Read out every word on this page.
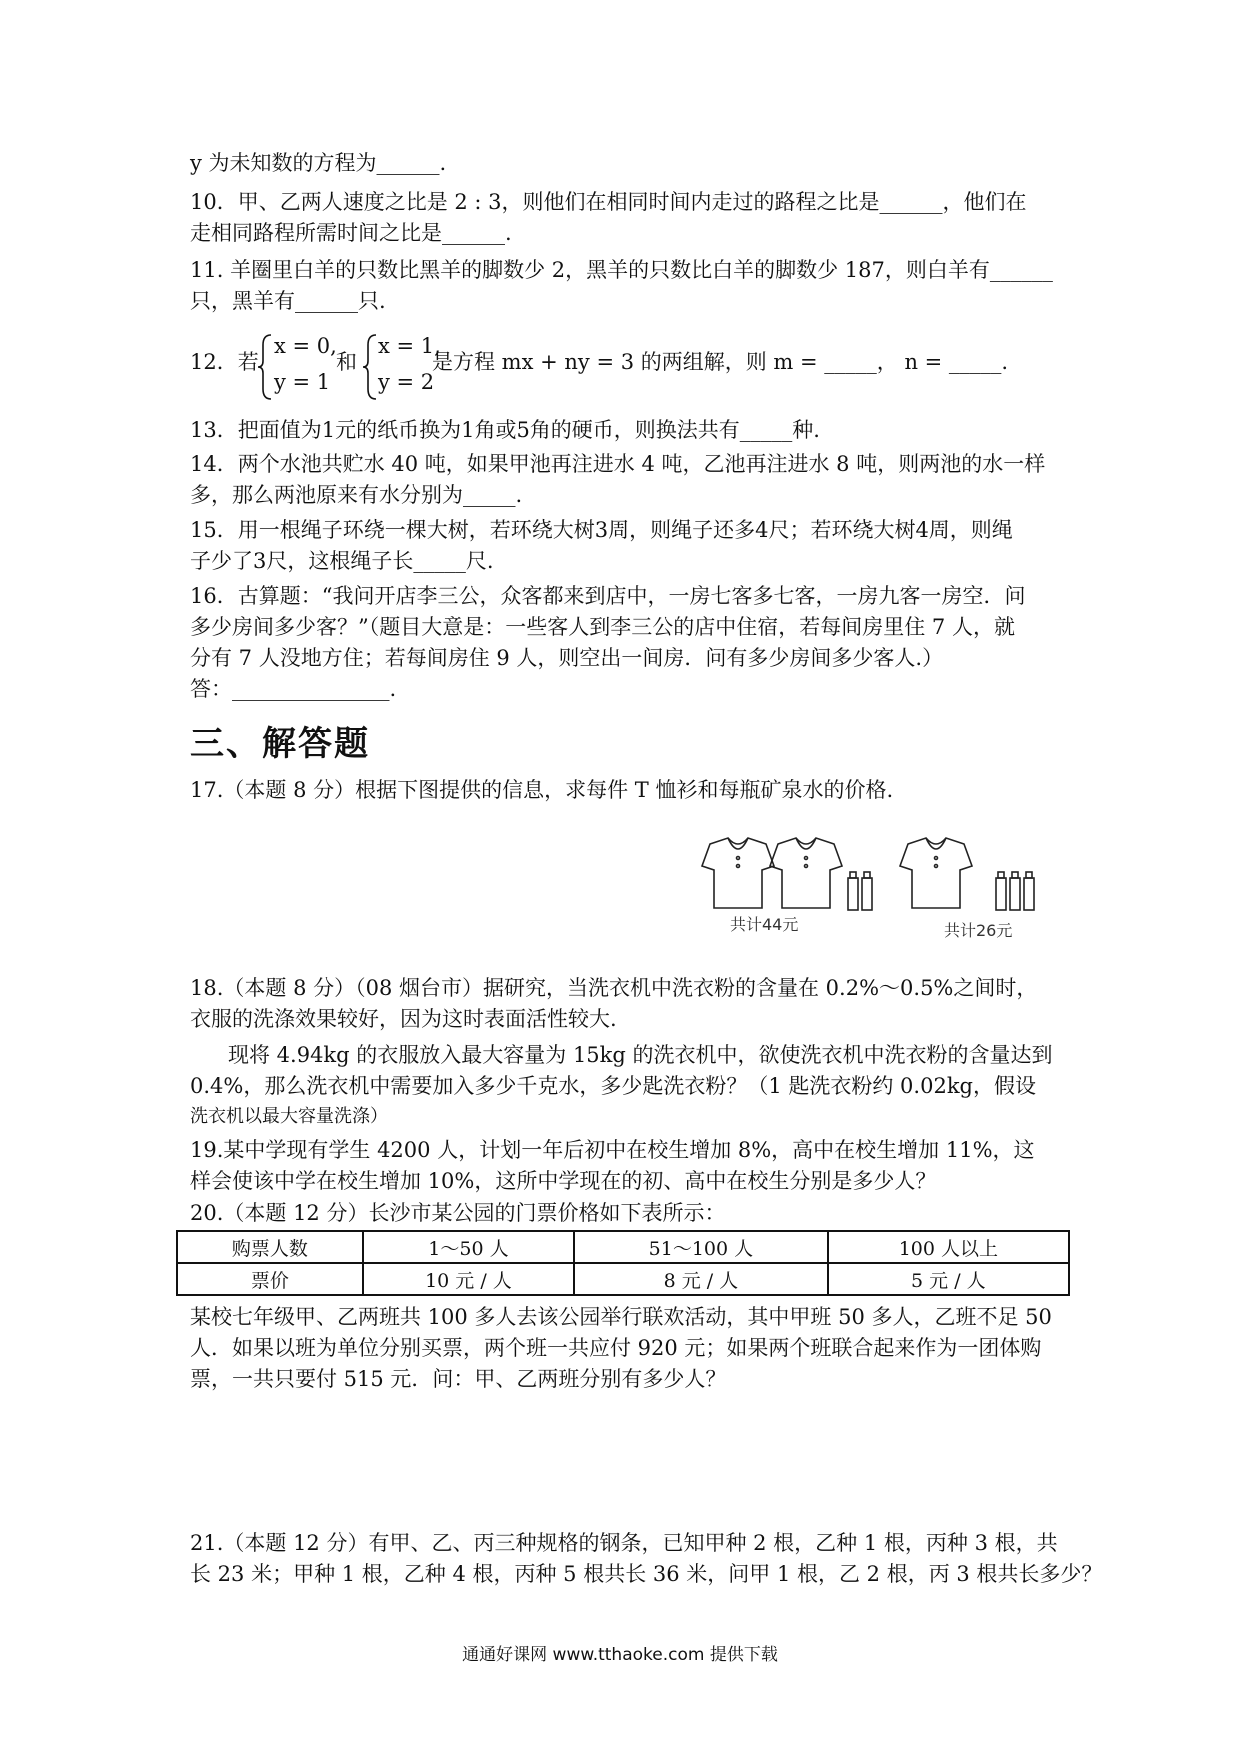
y 为未知数的方程为______.
10．甲、乙两人速度之比是 2 : 3，则他们在相同时间内走过的路程之比是______，他们在
走相同路程所需时间之比是______.
11. 羊圈里白羊的只数比黑羊的脚数少 2，黑羊的只数比白羊的脚数少 187，则白羊有______
只，黑羊有______只.
12．若
x = 0,
y = 1
和
x = 1,
y = 2
是方程 mx + ny = 3 的两组解，则 m = _____， n = _____.
13．把面值为1元的纸币换为1角或5角的硬币，则换法共有_____种.
14．两个水池共贮水 40 吨，如果甲池再注进水 4 吨，乙池再注进水 8 吨，则两池的水一样
多，那么两池原来有水分别为_____.
15．用一根绳子环绕一棵大树，若环绕大树3周，则绳子还多4尺；若环绕大树4周，则绳
子少了3尺，这根绳子长_____尺.
16．古算题：“我问开店李三公，众客都来到店中，一房七客多七客，一房九客一房空．问
多少房间多少客？”（题目大意是：一些客人到李三公的店中住宿，若每间房里住 7 人，就
分有 7 人没地方住；若每间房住 9 人，则空出一间房．问有多少房间多少客人.）
答：_______________.
三、解答题
17.（本题 8 分）根据下图提供的信息，求每件 T 恤衫和每瓶矿泉水的价格.
共计44元	共计26元
18.（本题 8 分）（08 烟台市）据研究，当洗衣机中洗衣粉的含量在 0.2%～0.5%之间时，
衣服的洗涤效果较好，因为这时表面活性较大.
现将 4.94kg 的衣服放入最大容量为 15kg 的洗衣机中，欲使洗衣机中洗衣粉的含量达到
0.4%，那么洗衣机中需要加入多少千克水，多少匙洗衣粉？（1 匙洗衣粉约 0.02kg，假设
洗衣机以最大容量洗涤）
19.某中学现有学生 4200 人，计划一年后初中在校生增加 8%，高中在校生增加 11%，这
样会使该中学在校生增加 10%，这所中学现在的初、高中在校生分别是多少人？
20.（本题 12 分）长沙市某公园的门票价格如下表所示：
购票人数	1～50 人	51～100 人	100 人以上
票价	10 元 / 人	8 元 / 人	5 元 / 人
某校七年级甲、乙两班共 100 多人去该公园举行联欢活动，其中甲班 50 多人，乙班不足 50
人．如果以班为单位分别买票，两个班一共应付 920 元；如果两个班联合起来作为一团体购
票，一共只要付 515 元．问：甲、乙两班分别有多少人？
21.（本题 12 分）有甲、乙、丙三种规格的钢条，已知甲种 2 根，乙种 1 根，丙种 3 根，共
长 23 米；甲种 1 根，乙种 4 根，丙种 5 根共长 36 米，问甲 1 根，乙 2 根，丙 3 根共长多少？
通通好课网 www.tthaoke.com 提供下载
